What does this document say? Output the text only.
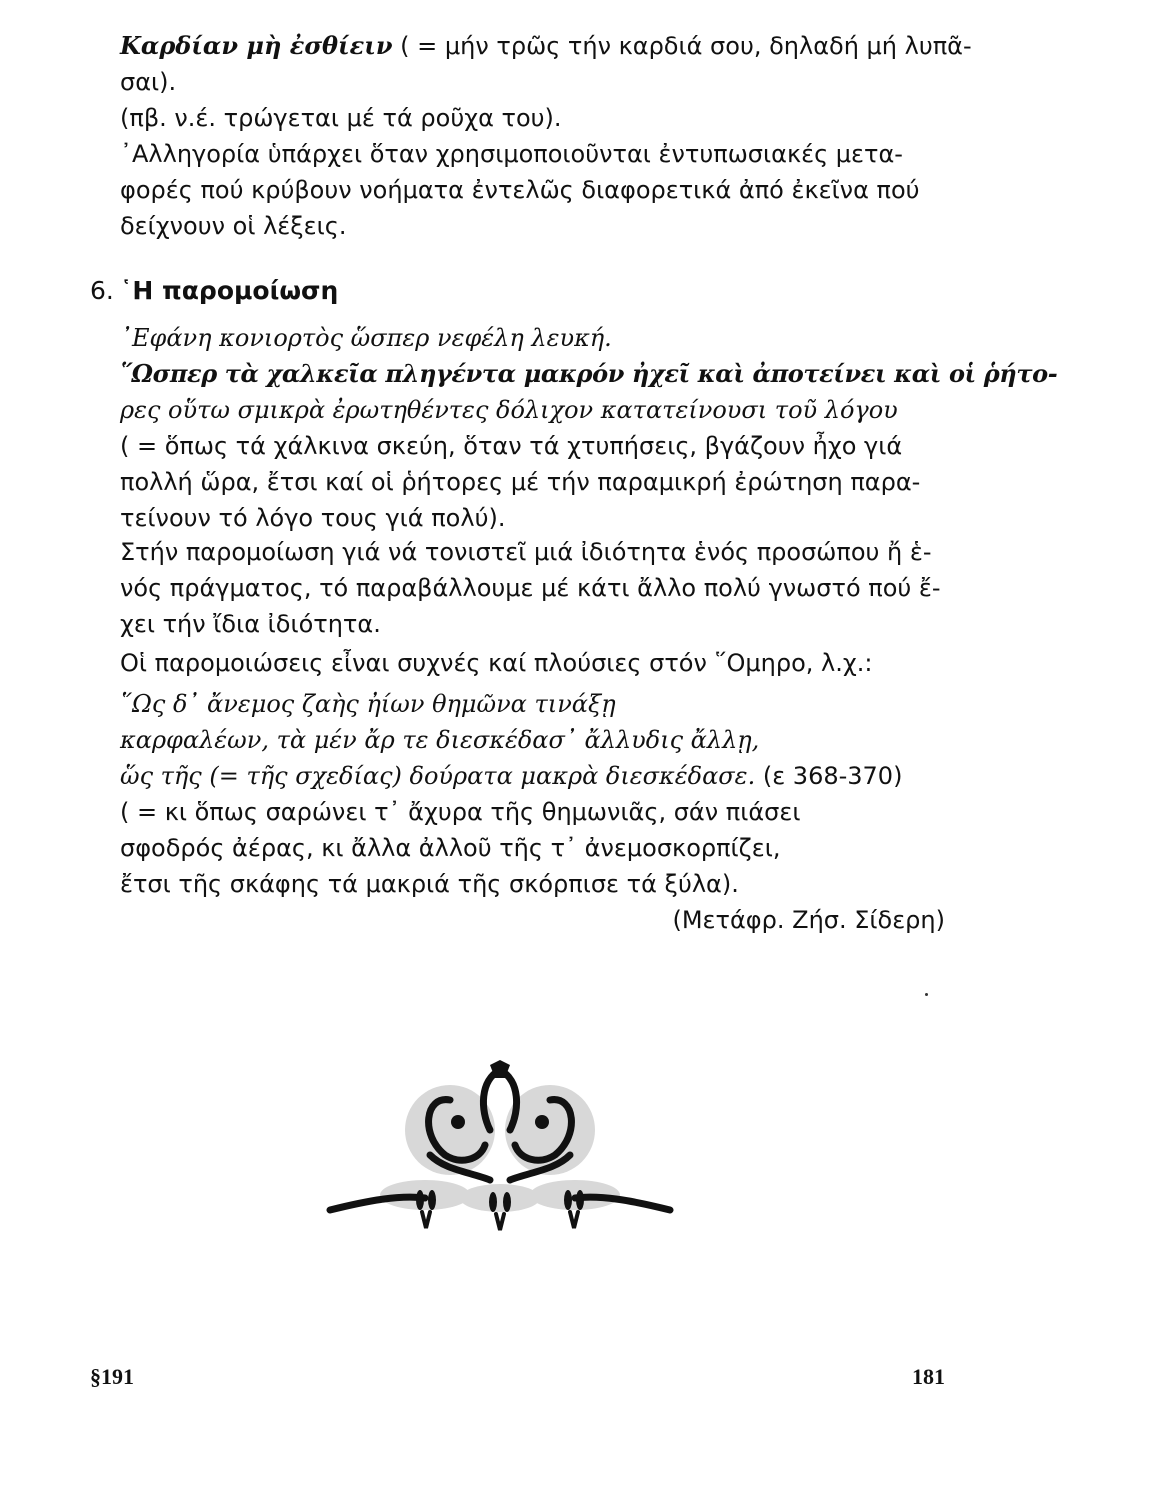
Καρδίαν μὴ ἐσθίειν ( = μήν τρῶς τήν καρδιά σου, δηλαδή μή λυπᾶ-
σαι).
(πβ. ν.έ. τρώγεται μέ τά ροῦχα του).
᾿Αλληγορία ὑπάρχει ὅταν χρησιμοποιοῦνται ἐντυπωσιακές μετα-
φορές πού κρύβουν νοήματα ἐντελῶς διαφορετικά ἀπό ἐκεῖνα πού
δείχνουν οἱ λέξεις.
6. ῾Η παρομοίωση
᾿Εφάνη κονιορτὸς ὥσπερ νεφέλη λευκή.
῞Ωσπερ τὰ χαλκεῖα πληγέντα μακρόν ἠχεῖ καὶ ἀποτείνει καὶ οἱ ῥήτο-
ρες οὕτω σμικρὰ ἐρωτηθέντες δόλιχον κατατείνουσι τοῦ λόγου
( = ὅπως τά χάλκινα σκεύη, ὅταν τά χτυπήσεις, βγάζουν ἦχο γιά
πολλή ὥρα, ἔτσι καί οἱ ῥήτορες μέ τήν παραμικρή ἐρώτηση παρα-
τείνουν τό λόγο τους γιά πολύ).
Στήν παρομοίωση γιά νά τονιστεῖ μιά ἰδιότητα ἑνός προσώπου ἤ ἑ-
νός πράγματος, τό παραβάλλουμε μέ κάτι ἄλλο πολύ γνωστό πού ἔ-
χει τήν ἴδια ἰδιότητα.
Οἱ παρομοιώσεις εἶναι συχνές καί πλούσιες στόν ῞Ομηρο, λ.χ.:
῞Ως δ᾿ ἄνεμος ζαὴς ἠίων θημῶνα τινάξῃ
καρφαλέων, τὰ μέν ἄρ τε διεσκέδασ᾿ ἄλλυδις ἄλλῃ,
ὥς τῆς (= τῆς σχεδίας) δούρατα μακρὰ διεσκέδασε. (ε 368-370)
( = κι ὅπως σαρώνει τ᾿ ἄχυρα τῆς θημωνιᾶς, σάν πιάσει
σφοδρός ἀέρας, κι ἄλλα ἀλλοῦ τῆς τ᾿ ἀνεμοσκορπίζει,
ἔτσι τῆς σκάφης τά μακριά τῆς σκόρπισε τά ξύλα).
(Μετάφρ. Ζήσ. Σίδερη)
§191	181
